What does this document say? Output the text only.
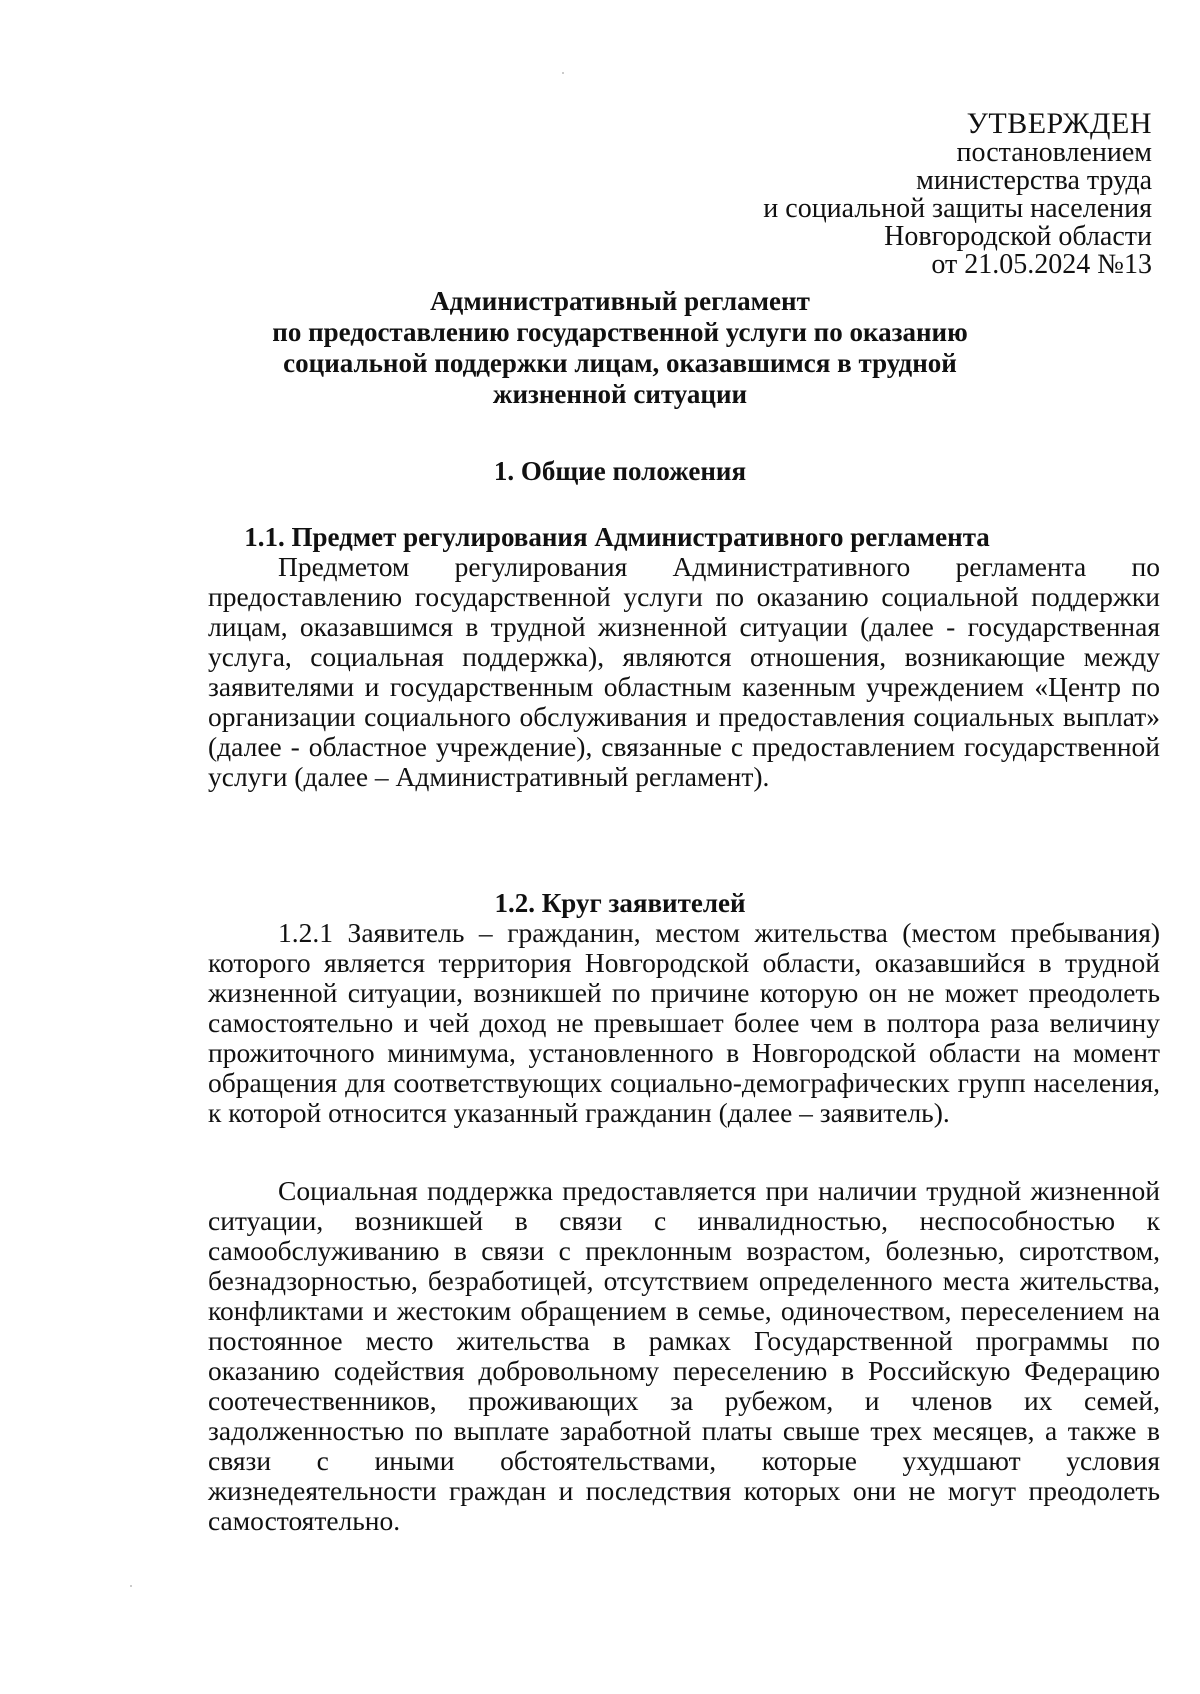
УТВЕРЖДЕН
постановлением
министерства труда
и социальной защиты населения
Новгородской области
от 21.05.2024 №13
Административный регламент
по предоставлению государственной услуги по оказанию
социальной поддержки лицам, оказавшимся в трудной
жизненной ситуации
1. Общие положения
1.1. Предмет регулирования Административного регламента

Предметом регулирования Административного регламента по предоставлению государственной услуги по оказанию социальной поддержки лицам, оказавшимся в трудной жизненной ситуации (далее - государственная услуга, социальная поддержка), являются отношения, возникающие между заявителями и государственным областным казенным учреждением «Центр по организации социального обслуживания и предоставления социальных выплат» (далее - областное учреждение), связанные с предоставлением государственной услуги (далее – Административный регламент).

1.2. Круг заявителей

1.2.1 Заявитель – гражданин, местом жительства (местом пребывания) которого является территория Новгородской области, оказавшийся в трудной жизненной ситуации, возникшей по причине которую он не может преодолеть самостоятельно и чей доход не превышает более чем в полтора раза величину прожиточного минимума, установленного в Новгородской области на момент обращения для соответствующих социально-демографических групп населения, к которой относится указанный гражданин (далее – заявитель).

Социальная поддержка предоставляется при наличии трудной жизненной ситуации, возникшей в связи с инвалидностью, неспособностью к самообслуживанию в связи с преклонным возрастом, болезнью, сиротством, безнадзорностью, безработицей, отсутствием определенного места жительства, конфликтами и жестоким обращением в семье, одиночеством, переселением на постоянное место жительства в рамках Государственной программы по оказанию содействия добровольному переселению в Российскую Федерацию соотечественников, проживающих за рубежом, и членов их семей, задолженностью по выплате заработной платы свыше трех месяцев, а также в связи с иными обстоятельствами, которые ухудшают условия жизнедеятельности граждан и последствия которых они не могут преодолеть самостоятельно.
